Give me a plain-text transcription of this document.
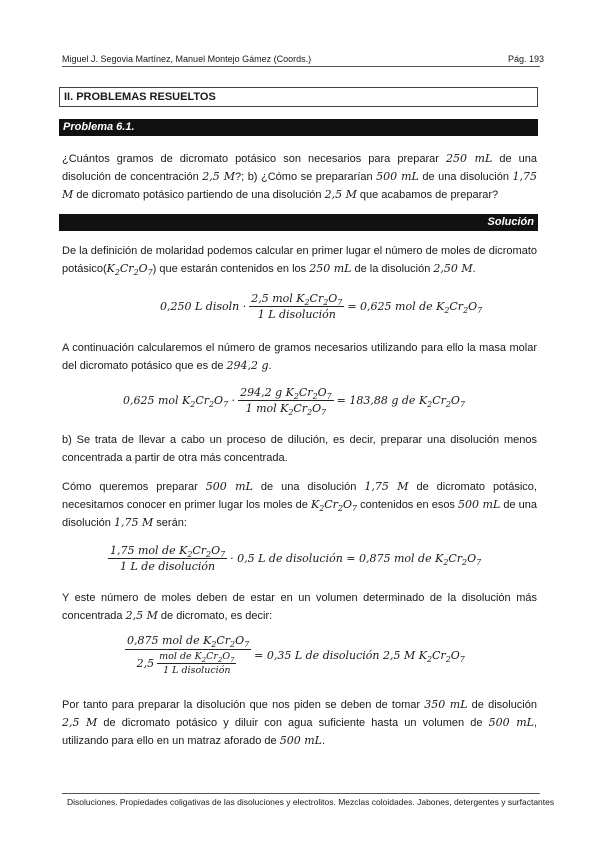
Miguel J. Segovia Martínez, Manuel Montejo Gámez (Coords.)	Pág. 193
II. PROBLEMAS RESUELTOS
Problema 6.1.
¿Cuántos gramos de dicromato potásico son necesarios para preparar 250 mL de una disolución de concentración 2,5 M?; b) ¿Cómo se prepararían 500 mL de una disolución 1,75 M de dicromato potásico partiendo de una disolución 2,5 M que acabamos de preparar?
Solución
De la definición de molaridad podemos calcular en primer lugar el número de moles de dicromato $potásico(K_2Cr_2O_7)$ que estarán contenidos en los 250 mL de la disolución 2,50 M.
0,250 L disoln · $\frac{2,5 mol K_2Cr_2O_7}{\text{1 L disolución}} = 0,625$ mol de $K_2Cr_2O_7$
A continuación calcularemos el número de gramos necesarios utilizando para ello la masa molar del dicromato potásico que es de 294,2 g.
0,625 mol $K_2Cr_2O_7 \cdot \frac{294,2 g K_2Cr_2O_7}{1 mol K_2Cr_2O_7} = 183,88$ g de $K_2Cr_2O_7$
b) Se trata de llevar a cabo un proceso de dilución, es decir, preparar una disolución menos concentrada a partir de otra más concentrada.
Cómo queremos preparar 500 mL de una disolución 1,75 M de dicromato potásico, necesitamos conocer en primer lugar los moles de $K_2Cr_2O_7$ contenidos en esos 500 mL de una disolución 1,75 M serán:
$\frac{1,75 mol de K_2Cr_2O_7}{\text{1 L de disolución}} \cdot 0,5$ L de disolución = 0,875 mol de $K_2Cr_2O_7$
Y este número de moles deben de estar en un volumen determinado de la disolución más concentrada 2,5 M de dicromato, es decir:
$\frac{0,875 mol de K_2Cr_2O_7}{2,5 \frac{mol de K_2Cr_2O_7}{\text{1 L disolución}}} = 0,35$ L de disolución 2,5 M $K_2Cr_2O_7$
Por tanto para preparar la disolución que nos piden se deben de tomar 350 mL de disolución 2,5 M de dicromato potásico y diluir con agua suficiente hasta un volumen de 500 mL, utilizando para ello en un matraz aforado de 500 mL.
Disoluciones. Propiedades coligativas de las disoluciones y electrolitos. Mezclas coloidades. Jabones, detergentes y surfactantes
